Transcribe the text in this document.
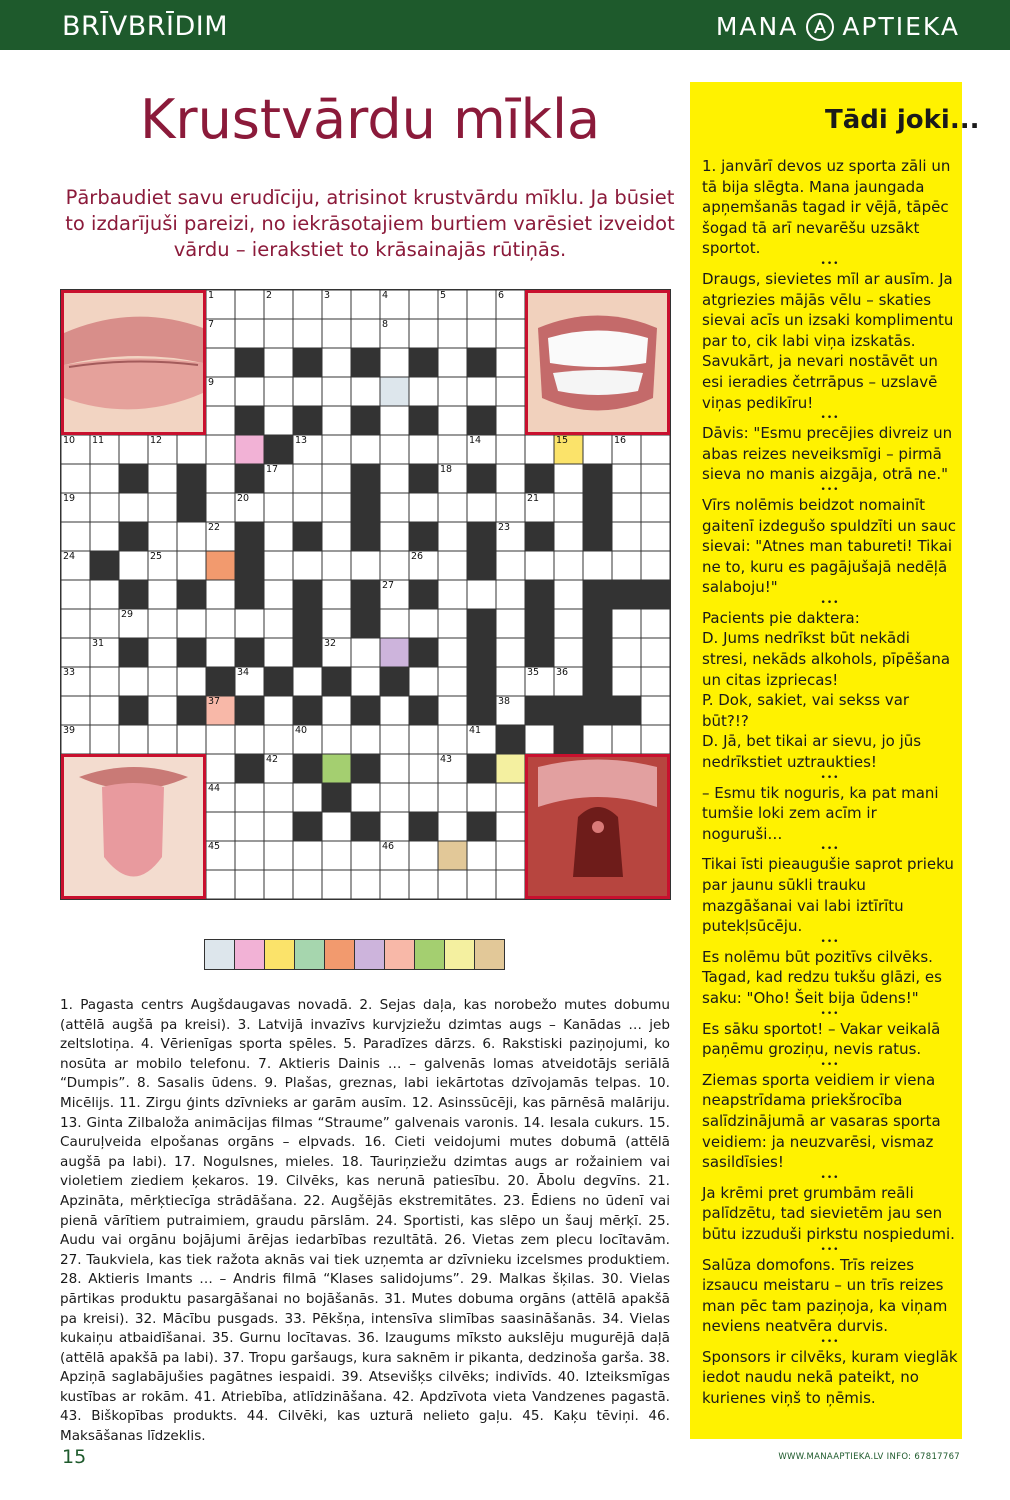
BRĪVBRĪDIM	MANA APTIEKA
Krustvārdu mīkla
Pārbaudiet savu erudīciju, atrisinot krustvārdu mīklu. Ja būsiet to izdarījuši pareizi, no iekrāsotajiem burtiem varēsiet izveidot vārdu – ierakstiet to krāsainajās rūtiņās.
1	2	3	4	5	6
7	8
9
10 11	12	13	14	15	16
17	18
19	20	21
22	23
24	25	26
27
29
31	32
33	34	35 36
37	38
39	40	41
42	43
44
45	46
1. Pagasta centrs Augšdaugavas novadā. 2. Sejas daļa, kas norobežo mutes dobumu (attēlā augšā pa kreisi). 3. Latvijā invazīvs kurvjziežu dzimtas augs – Kanādas … jeb zeltslotiņa. 4. Vērienīgas sporta spēles. 5. Paradīzes dārzs. 6. Rakstiski paziņojumi, ko nosūta ar mobilo telefonu. 7. Aktieris Dainis … – galvenās lomas atveidotājs seriālā “Dumpis”. 8. Sasalis ūdens. 9. Plašas, greznas, labi iekārtotas dzīvojamās telpas. 10. Micēlijs. 11. Zirgu ģints dzīvnieks ar garām ausīm. 12. Asinssūcēji, kas pārnēsā malāriju. 13. Ginta Zilbaloža animācijas filmas “Straume” galvenais varonis. 14. Iesala cukurs. 15. Cauruļveida elpošanas orgāns – elpvads. 16. Cieti veidojumi mutes dobumā (attēlā augšā pa labi). 17. Nogulsnes, mieles. 18. Tauriņziežu dzimtas augs ar rožainiem vai violetiem ziediem ķekaros. 19. Cilvēks, kas nerunā patiesību. 20. Ābolu degvīns. 21. Apzināta, mērķtiecīga strādāšana. 22. Augšējās ekstremitātes. 23. Ēdiens no ūdenī vai pienā vārītiem putraimiem, graudu pārslām. 24. Sportisti, kas slēpo un šauj mērķī. 25. Audu vai orgānu bojājumi ārējas iedarbības rezultātā. 26. Vietas zem plecu locītavām. 27. Taukviela, kas tiek ražota aknās vai tiek uzņemta ar dzīvnieku izcelsmes produktiem. 28. Aktieris Imants … – Andris filmā “Klases salidojums”. 29. Malkas šķilas. 30. Vielas pārtikas produktu pasargāšanai no bojāšanās. 31. Mutes dobuma orgāns (attēlā apakšā pa kreisi). 32. Mācību pusgads. 33. Pēkšņa, intensīva slimības saasināšanās. 34. Vielas kukaiņu atbaidīšanai. 35. Gurnu locītavas. 36. Izaugums mīksto aukslēju mugurējā daļā (attēlā apakšā pa labi). 37. Tropu garšaugs, kura saknēm ir pikanta, dedzinoša garša. 38. Apziņā saglabājušies pagātnes iespaidi. 39. Atsevišķs cilvēks; indivīds. 40. Izteiksmīgas kustības ar rokām. 41. Atriebība, atlīdzināšana. 42. Apdzīvota vieta Vandzenes pagastā. 43. Biškopības produkts. 44. Cilvēki, kas uzturā nelieto gaļu. 45. Kaķu tēviņi. 46. Maksāšanas līdzeklis.
Tādi joki...

1. janvārī devos uz sporta zāli un tā bija slēgta. Mana jaungada apņemšanās tagad ir vējā, tāpēc šogad tā arī nevarēšu uzsākt sportot.

•••

Draugs, sievietes mīl ar ausīm. Ja atgriezies mājās vēlu – skaties sievai acīs un izsaki komplimentu par to, cik labi viņa izskatās. Savukārt, ja nevari nostāvēt un esi ieradies četrrāpus – uzslavē viņas pedikīru!

•••

Dāvis: "Esmu precējies divreiz un abas reizes neveiksmīgi – pirmā sieva no manis aizgāja, otrā ne."

•••

Vīrs nolēmis beidzot nomainīt gaitenī izdegušo spuldzīti un sauc sievai: "Atnes man tabureti! Tikai ne to, kuru es pagājušajā nedēļā salaboju!"

•••

Pacients pie daktera:
D. Jums nedrīkst būt nekādi stresi, nekāds alkohols, pīpēšana un citas izpriecas!
P. Dok, sakiet, vai sekss var būt?!?
D. Jā, bet tikai ar sievu, jo jūs nedrīkstiet uztraukties!

•••

– Esmu tik noguris, ka pat mani tumšie loki zem acīm ir noguruši…

•••

Tikai īsti pieaugušie saprot prieku par jaunu sūkli trauku mazgāšanai vai labi iztīrītu putekļsūcēju.

•••

Es nolēmu būt pozitīvs cilvēks. Tagad, kad redzu tukšu glāzi, es saku: "Oho! Šeit bija ūdens!"

•••

Es sāku sportot! – Vakar veikalā paņēmu groziņu, nevis ratus.

•••

Ziemas sporta veidiem ir viena neapstrīdama priekšrocība salīdzinājumā ar vasaras sporta veidiem: ja neuzvarēsi, vismaz sasildīsies!

•••

Ja krēmi pret grumbām reāli palīdzētu, tad sievietēm jau sen būtu izzuduši pirkstu nospiedumi.

•••

Salūza domofons. Trīs reizes izsaucu meistaru – un trīs reizes man pēc tam paziņoja, ka viņam neviens neatvēra durvis.

•••

Sponsors ir cilvēks, kuram vieglāk iedot naudu nekā pateikt, no kurienes viņš to ņēmis.

15	WWW.MANAAPTIEKA.LV INFO: 67817767
